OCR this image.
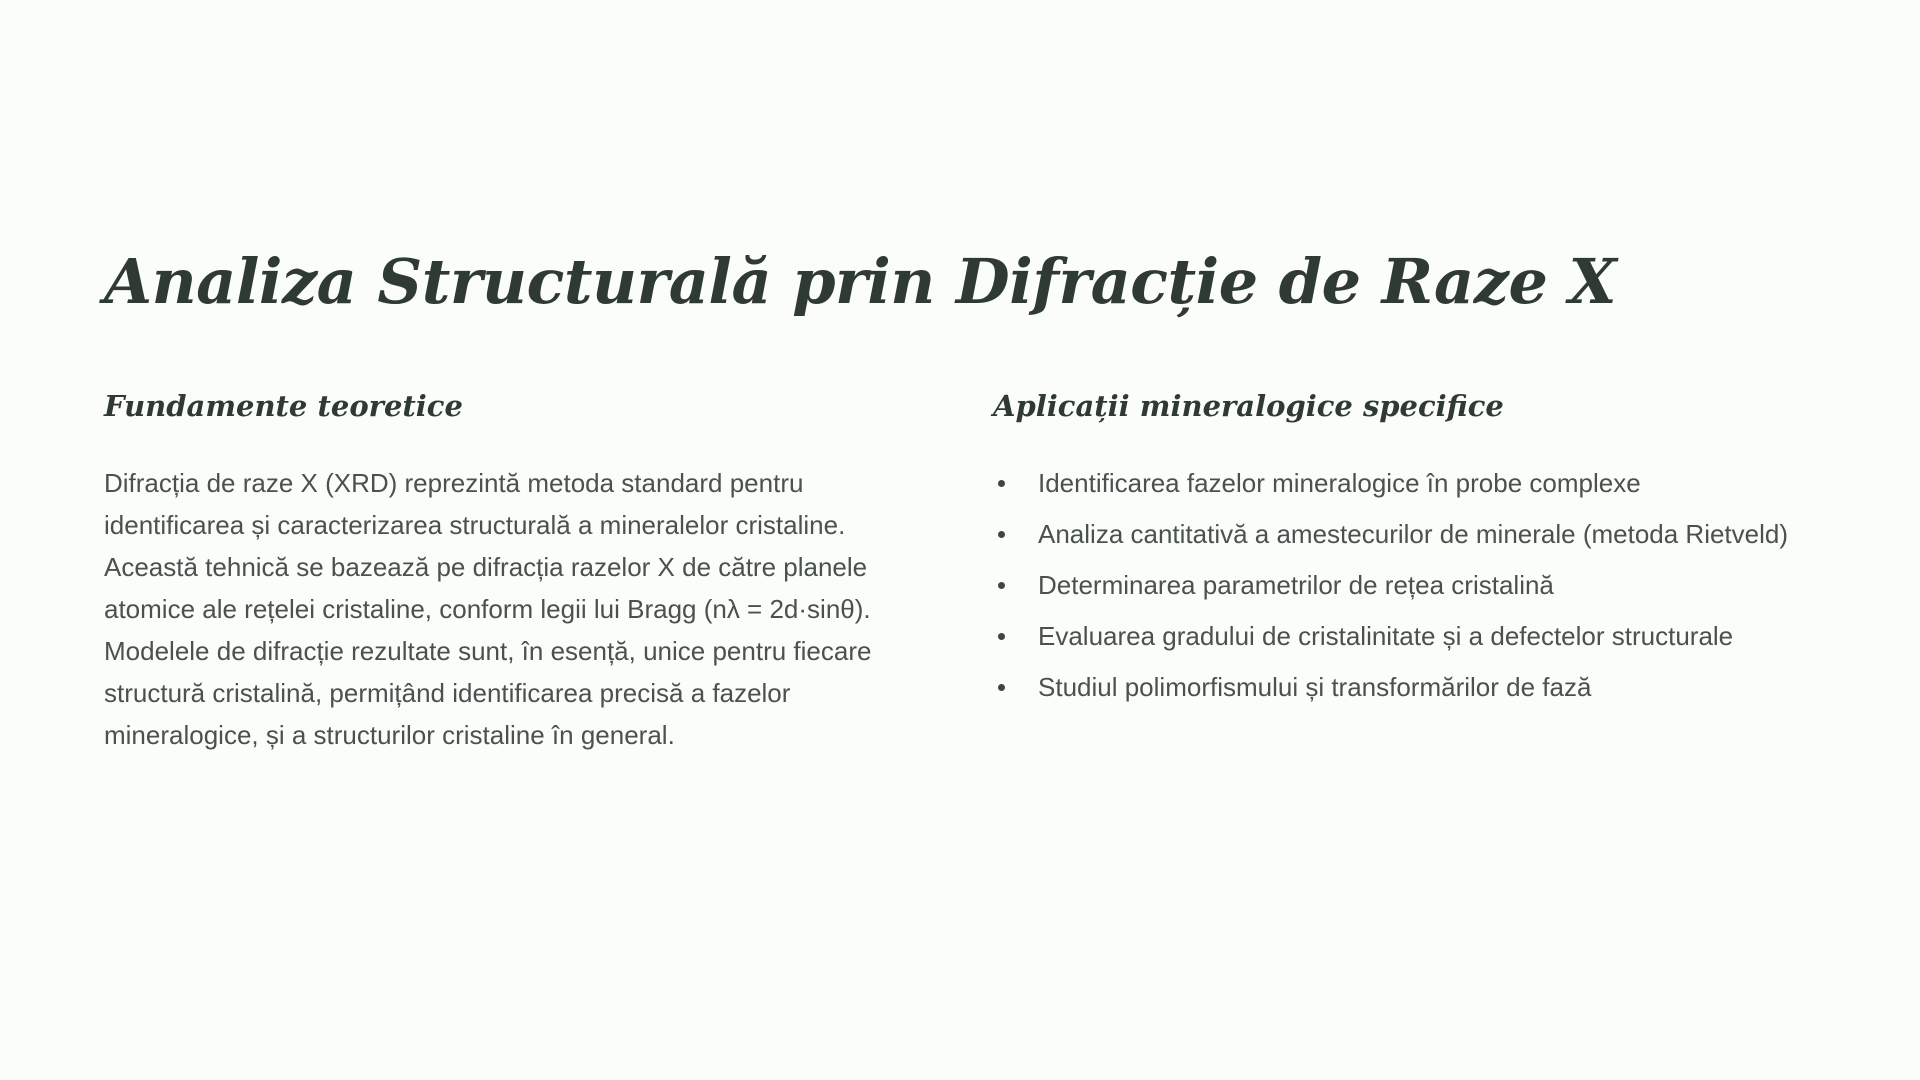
Analiza Structurală prin Difracție de Raze X
Fundamente teoretice

Difracția de raze X (XRD) reprezintă metoda standard pentru identificarea și caracterizarea structurală a mineralelor cristaline. Această tehnică se bazează pe difracția razelor X de către planele atomice ale rețelei cristaline, conform legii lui Bragg (nλ = 2d·sinθ). Modelele de difracție rezultate sunt, în esență, unice pentru fiecare structură cristalină, permițând identificarea precisă a fazelor mineralogice, și a structurilor cristaline în general.

Aplicații mineralogice specifice
Identificarea fazelor mineralogice în probe complexe
Analiza cantitativă a amestecurilor de minerale (metoda Rietveld)
Determinarea parametrilor de rețea cristalină
Evaluarea gradului de cristalinitate și a defectelor structurale
Studiul polimorfismului și transformărilor de fază
